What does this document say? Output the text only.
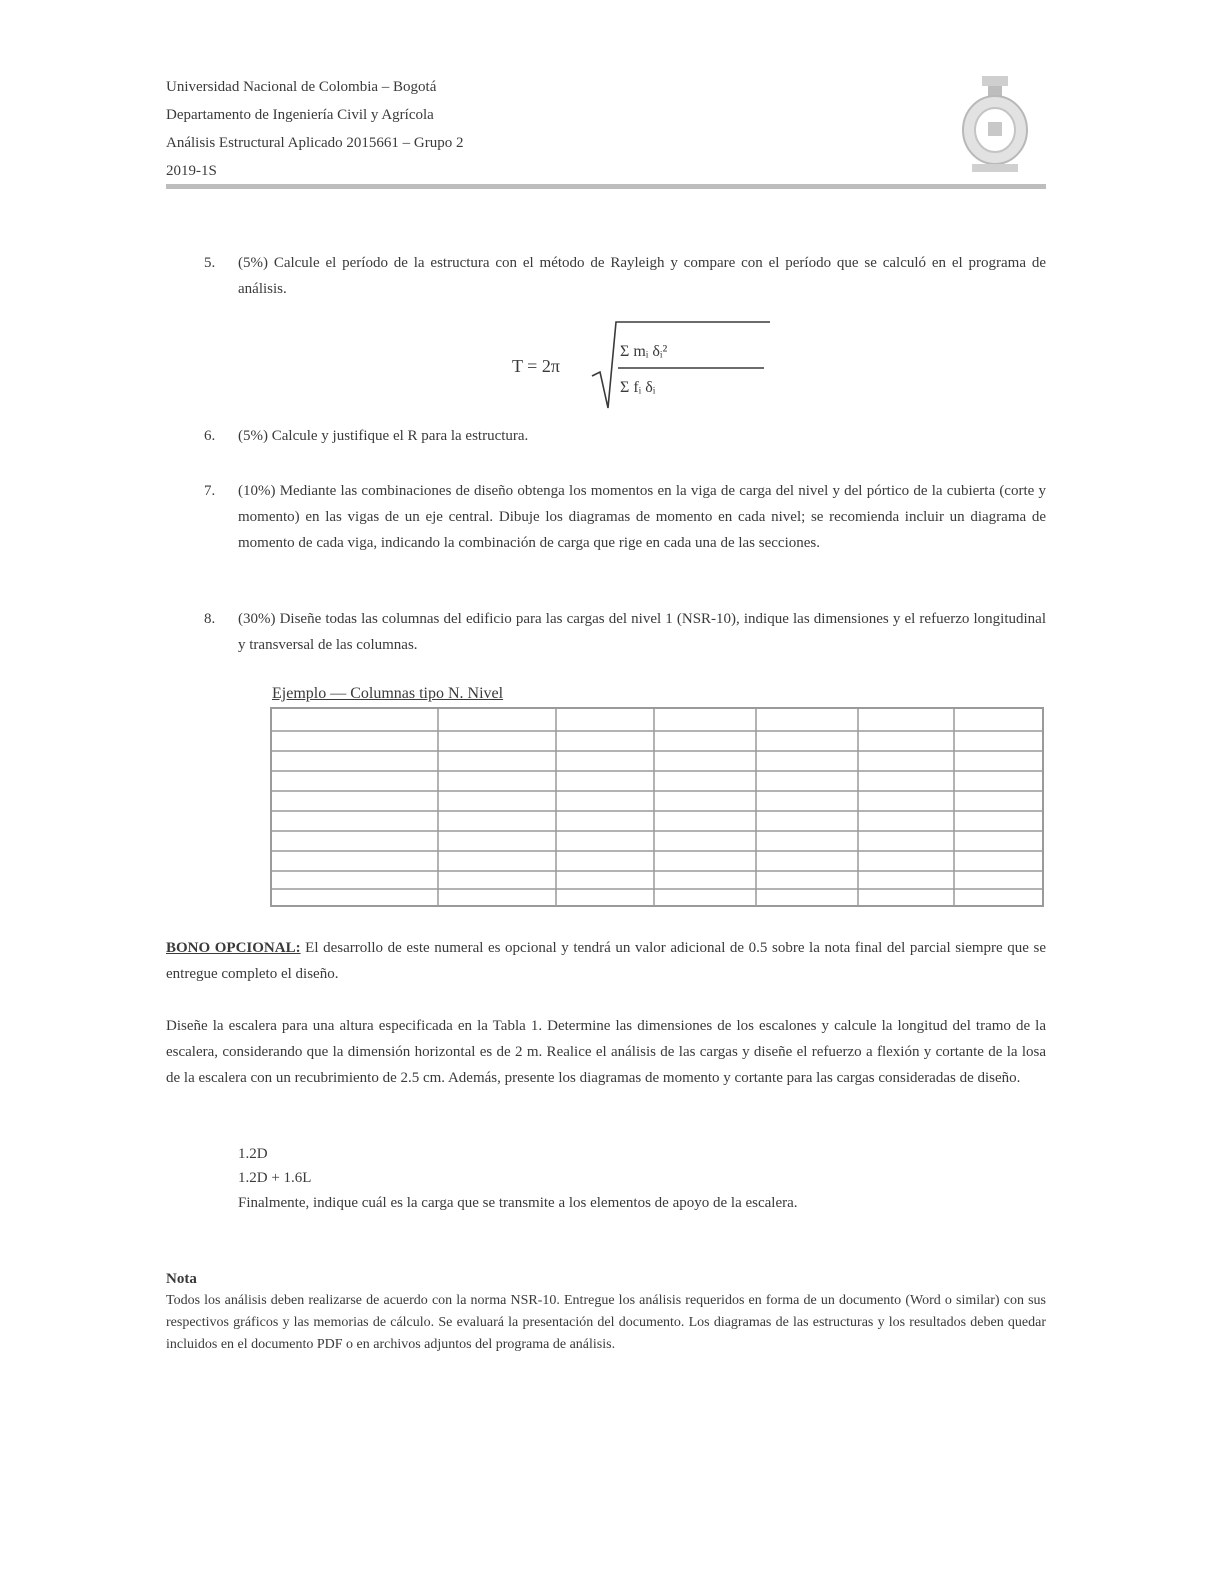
Universidad Nacional de Colombia – Bogotá
Departamento de Ingeniería Civil y Agrícola
Análisis Estructural Aplicado 2015661 – Grupo 2
2019-1S
5. (5%) Calcule el período de la estructura con el método de Rayleigh y compare con el período que se calculó en el programa de análisis.
T = 2π
Σ mᵢ δᵢ²
Σ fᵢ δᵢ
6. (5%) Calcule y justifique el R para la estructura.
7. (10%) Mediante las combinaciones de diseño obtenga los momentos en la viga de carga del nivel y del pórtico de la cubierta (corte y momento) en las vigas de un eje central. Dibuje los diagramas de momento en cada nivel; se recomienda incluir un diagrama de momento de cada viga, indicando la combinación de carga que rige en cada una de las secciones.
8. (30%) Diseñe todas las columnas del edificio para las cargas del nivel 1 (NSR-10), indique las dimensiones y el refuerzo longitudinal y transversal de las columnas.
Ejemplo — Columnas tipo N. Nivel
BONO OPCIONAL: El desarrollo de este numeral es opcional y tendrá un valor adicional de 0.5 sobre la nota final del parcial siempre que se entregue completo el diseño.
Diseñe la escalera para una altura especificada en la Tabla 1. Determine las dimensiones de los escalones y calcule la longitud del tramo de la escalera, considerando que la dimensión horizontal es de 2 m. Realice el análisis de las cargas y diseñe el refuerzo a flexión y cortante de la losa de la escalera con un recubrimiento de 2.5 cm. Además, presente los diagramas de momento y cortante para las cargas consideradas de diseño.
1.2D
1.2D + 1.6L
Finalmente, indique cuál es la carga que se transmite a los elementos de apoyo de la escalera.
Nota
Todos los análisis deben realizarse de acuerdo con la norma NSR-10. Entregue los análisis requeridos en forma de un documento (Word o similar) con sus respectivos gráficos y las memorias de cálculo. Se evaluará la presentación del documento. Los diagramas de las estructuras y los resultados deben quedar incluidos en el documento PDF o en archivos adjuntos del programa de análisis.
